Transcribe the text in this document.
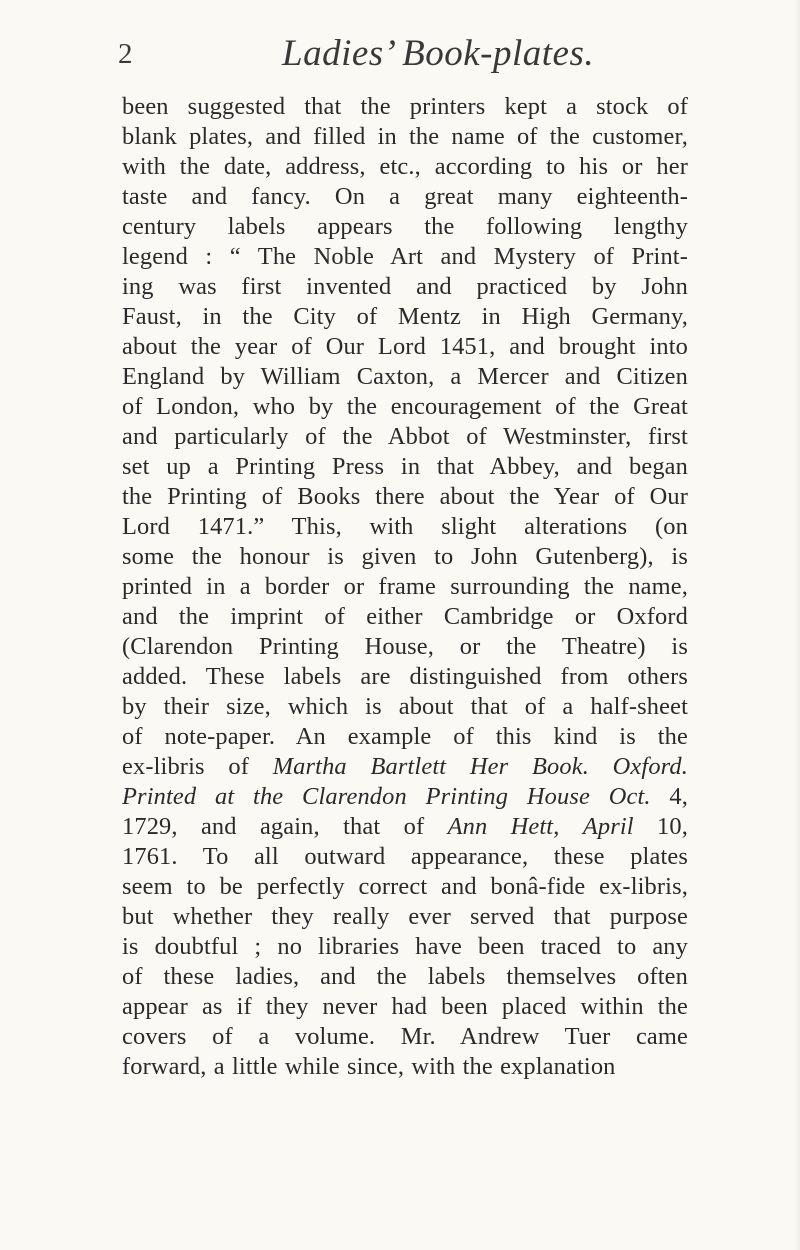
2	Ladies’ Book-plates.
been suggested that the printers kept a stock of
blank plates, and filled in the name of the customer,
with the date, address, etc., according to his or her
taste and fancy. On a great many eighteenth-
century labels appears the following lengthy
legend : “ The Noble Art and Mystery of Print-
ing was first invented and practiced by John
Faust, in the City of Mentz in High Germany,
about the year of Our Lord 1451, and brought into
England by William Caxton, a Mercer and Citizen
of London, who by the encouragement of the Great
and particularly of the Abbot of Westminster, first
set up a Printing Press in that Abbey, and began
the Printing of Books there about the Year of Our
Lord 1471.” This, with slight alterations (on
some the honour is given to John Gutenberg), is
printed in a border or frame surrounding the name,
and the imprint of either Cambridge or Oxford
(Clarendon Printing House, or the Theatre) is
added. These labels are distinguished from others
by their size, which is about that of a half-sheet
of note-paper. An example of this kind is the
ex-libris of Martha Bartlett Her Book. Oxford.
Printed at the Clarendon Printing House Oct. 4,
1729, and again, that of Ann Hett, April 10,
1761. To all outward appearance, these plates
seem to be perfectly correct and bonâ-fide ex-libris,
but whether they really ever served that purpose
is doubtful ; no libraries have been traced to any
of these ladies, and the labels themselves often
appear as if they never had been placed within the
covers of a volume. Mr. Andrew Tuer came
forward, a little while since, with the explanation
